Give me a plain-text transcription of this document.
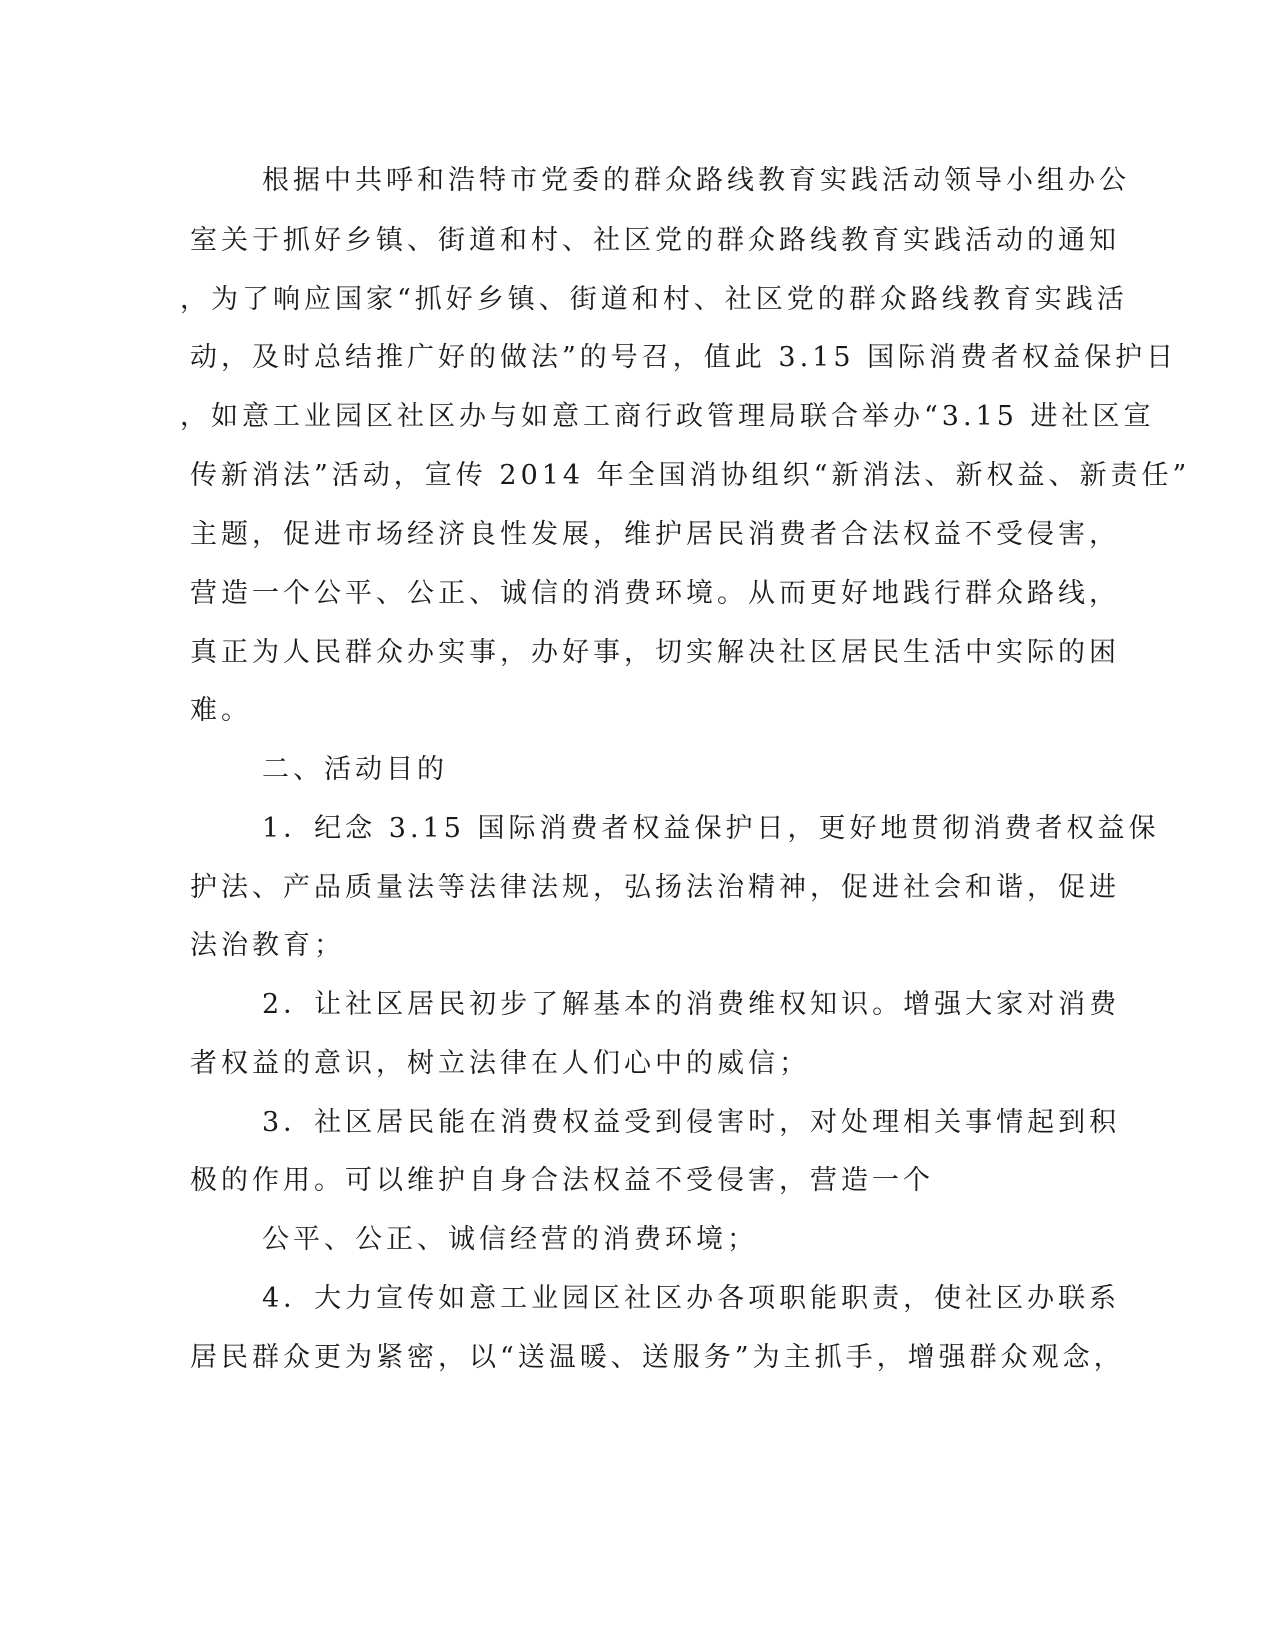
根据中共呼和浩特市党委的群众路线教育实践活动领导小组办公
室关于抓好乡镇、街道和村、社区党的群众路线教育实践活动的通知
，为了响应国家“抓好乡镇、街道和村、社区党的群众路线教育实践活
动，及时总结推广好的做法”的号召，值此 3.15 国际消费者权益保护日
，如意工业园区社区办与如意工商行政管理局联合举办“3.15 进社区宣
传新消法”活动，宣传 2014 年全国消协组织“新消法、新权益、新责任”
主题，促进市场经济良性发展，维护居民消费者合法权益不受侵害，
营造一个公平、公正、诚信的消费环境。从而更好地践行群众路线，
真正为人民群众办实事，办好事，切实解决社区居民生活中实际的困
难。
二、活动目的
1．纪念 3.15 国际消费者权益保护日，更好地贯彻消费者权益保
护法、产品质量法等法律法规，弘扬法治精神，促进社会和谐，促进
法治教育；
2．让社区居民初步了解基本的消费维权知识。增强大家对消费
者权益的意识，树立法律在人们心中的威信；
3．社区居民能在消费权益受到侵害时，对处理相关事情起到积
极的作用。可以维护自身合法权益不受侵害，营造一个
公平、公正、诚信经营的消费环境；
4．大力宣传如意工业园区社区办各项职能职责，使社区办联系
居民群众更为紧密，以“送温暖、送服务”为主抓手，增强群众观念，
